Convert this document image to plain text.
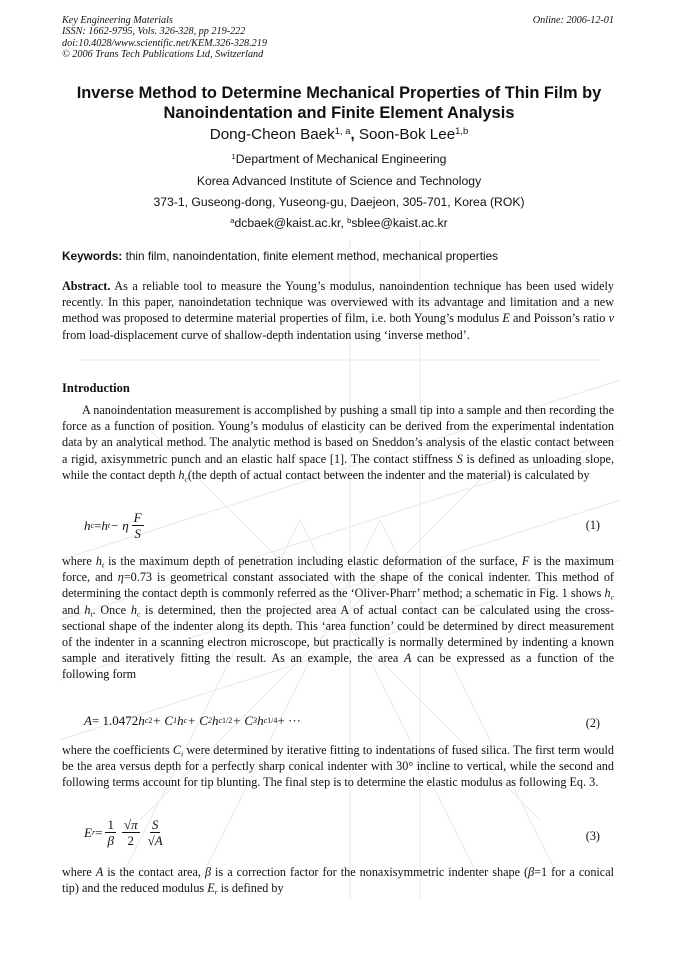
Key Engineering Materials
ISSN: 1662-9795, Vols. 326-328, pp 219-222
doi:10.4028/www.scientific.net/KEM.326-328.219
© 2006 Trans Tech Publications Ltd, Switzerland
Online: 2006-12-01
Inverse Method to Determine Mechanical Properties of Thin Film by
Nanoindentation and Finite Element Analysis
Dong-Cheon Baek$^{1, a}$, Soon-Bok Lee$^{1,b}$
$^1$Department of Mechanical Engineering
Korea Advanced Institute of Science and Technology
373-1, Guseong-dong, Yuseong-gu, Daejeon, 305-701, Korea (ROK)
$^a$dcbaek@kaist.ac.kr, $^b$sblee@kaist.ac.kr
Keywords: thin film, nanoindentation, finite element method, mechanical properties

Abstract. As a reliable tool to measure the Young’s modulus, nanoindention technique has been used widely recently. In this paper, nanoindetation technique was overviewed with its advantage and limitation and a new method was proposed to determine material properties of film, i.e. both Young’s modulus E and Poisson’s ratio ν from load-displacement curve of shallow-depth indentation using ‘inverse method’.

Introduction

A nanoindentation measurement is accomplished by pushing a small tip into a sample and then recording the force as a function of position. Young’s modulus of elasticity can be derived from the experimental indentation data by an analytical method. The analytic method is based on Sneddon’s analysis of the elastic contact between a rigid, axisymmetric punch and an elastic half space [1]. The contact stiffness S is defined as unloading slope, while the contact depth $h_c(the$ depth of actual contact between the indenter and the material) is calculated by

h c = h t − η $\frac{F}{S}$	(1)

where $h_t$ is the maximum depth of penetration including elastic deformation of the surface, F is the maximum force, and η=0.73 is geometrical constant associated with the shape of the conical indenter. This method of determining the contact depth is commonly referred as the ‘Oliver-Pharr’ method; a schematic in Fig. 1 shows $h_c$ and $h_t$. Once $h_c$ is determined, then the projected area A of actual contact can be calculated using the cross-sectional shape of the indenter along its depth. This ‘area function’ could be determined by direct measurement of the indenter in a scanning electron microscope, but practically is normally determined by indenting a known sample and iteratively fitting the result. As an example, the area A can be expressed as a function of the following form

A = 1.0472 h c 2 + C 1 h c + C 2 h c 1/2 + C 3 h c 1/4 + ···	(2)

where the coefficients $C_i$ were determined by iterative fitting to indentations of fused silica. The first term would be the area versus depth for a perfectly sharp conical indenter with 30° incline to vertical, while the second and following terms account for tip blunting. The final step is to determine the elastic modulus as following Eq. 3.

E $r = \frac{1}{\beta} \frac{√\pi}{2} \frac{S}{√A}$	(3)

where A is the contact area, β is a correction factor for the nonaxisymmetric indenter shape (β=1 for a conical tip) and the reduced modulus $E_r$ is defined by
